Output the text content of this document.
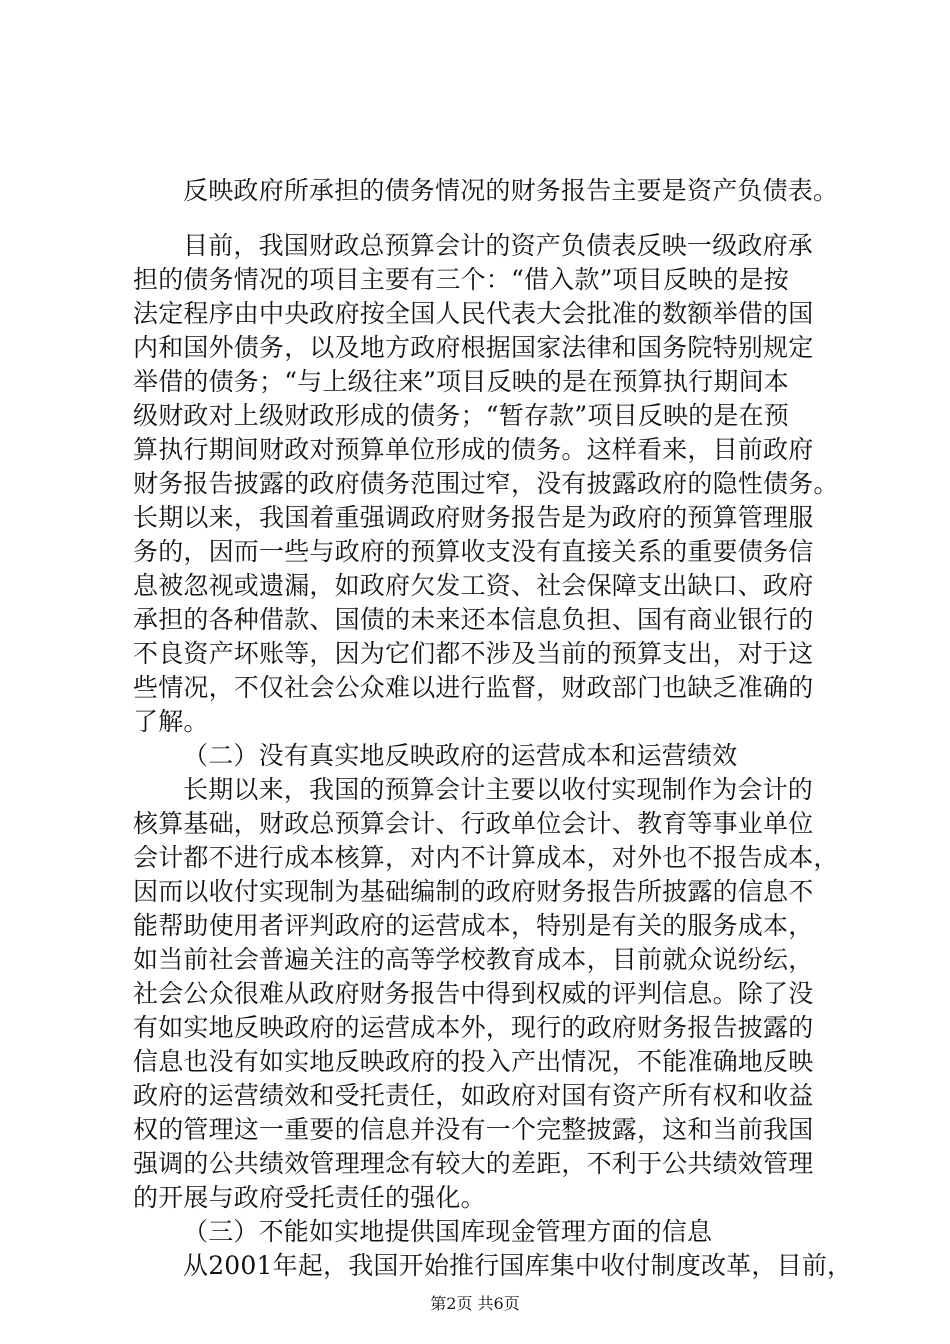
反映政府所承担的债务情况的财务报告主要是资产负债表。
目前，我国财政总预算会计的资产负债表反映一级政府承
担的债务情况的项目主要有三个：“借入款”项目反映的是按
法定程序由中央政府按全国人民代表大会批准的数额举借的国
内和国外债务，以及地方政府根据国家法律和国务院特别规定
举借的债务；“与上级往来”项目反映的是在预算执行期间本
级财政对上级财政形成的债务；“暂存款”项目反映的是在预
算执行期间财政对预算单位形成的债务。这样看来，目前政府
财务报告披露的政府债务范围过窄，没有披露政府的隐性债务。
长期以来，我国着重强调政府财务报告是为政府的预算管理服
务的，因而一些与政府的预算收支没有直接关系的重要债务信
息被忽视或遗漏，如政府欠发工资、社会保障支出缺口、政府
承担的各种借款、国债的未来还本信息负担、国有商业银行的
不良资产坏账等，因为它们都不涉及当前的预算支出，对于这
些情况，不仅社会公众难以进行监督，财政部门也缺乏准确的
了解。
（二）没有真实地反映政府的运营成本和运营绩效
长期以来，我国的预算会计主要以收付实现制作为会计的
核算基础，财政总预算会计、行政单位会计、教育等事业单位
会计都不进行成本核算，对内不计算成本，对外也不报告成本，
因而以收付实现制为基础编制的政府财务报告所披露的信息不
能帮助使用者评判政府的运营成本，特别是有关的服务成本，
如当前社会普遍关注的高等学校教育成本，目前就众说纷纭，
社会公众很难从政府财务报告中得到权威的评判信息。除了没
有如实地反映政府的运营成本外，现行的政府财务报告披露的
信息也没有如实地反映政府的投入产出情况，不能准确地反映
政府的运营绩效和受托责任，如政府对国有资产所有权和收益
权的管理这一重要的信息并没有一个完整披露，这和当前我国
强调的公共绩效管理理念有较大的差距，不利于公共绩效管理
的开展与政府受托责任的强化。
（三）不能如实地提供国库现金管理方面的信息
从2001年起，我国开始推行国库集中收付制度改革，目前，
第2页 共6页
